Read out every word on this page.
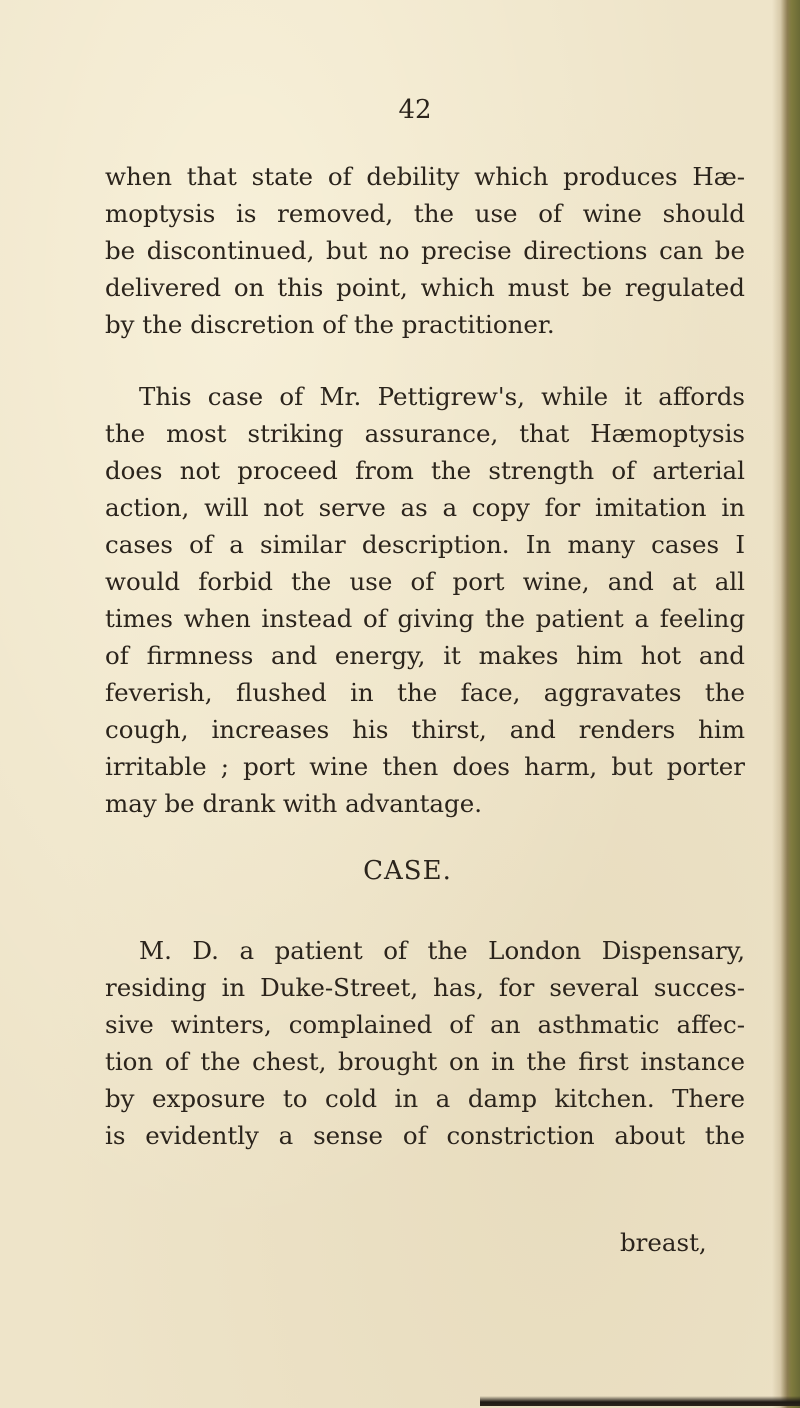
42

when that state of debility which produces Hæ-
moptysis is removed, the use of wine should
be discontinued, but no precise directions can be
delivered on this point, which must be regulated
by the discretion of the practitioner.

This case of Mr. Pettigrew's, while it affords
the most striking assurance, that Hæmoptysis
does not proceed from the strength of arterial
action, will not serve as a copy for imitation in
cases of a similar description. In many cases I
would forbid the use of port wine, and at all
times when instead of giving the patient a feeling
of firmness and energy, it makes him hot and
feverish, flushed in the face, aggravates the
cough, increases his thirst, and renders him
irritable ; port wine then does harm, but porter
may be drank with advantage.

CASE.

M. D. a patient of the London Dispensary,
residing in Duke-Street, has, for several succes-
sive winters, complained of an asthmatic affec-
tion of the chest, brought on in the first instance
by exposure to cold in a damp kitchen. There
is evidently a sense of constriction about the

breast,
